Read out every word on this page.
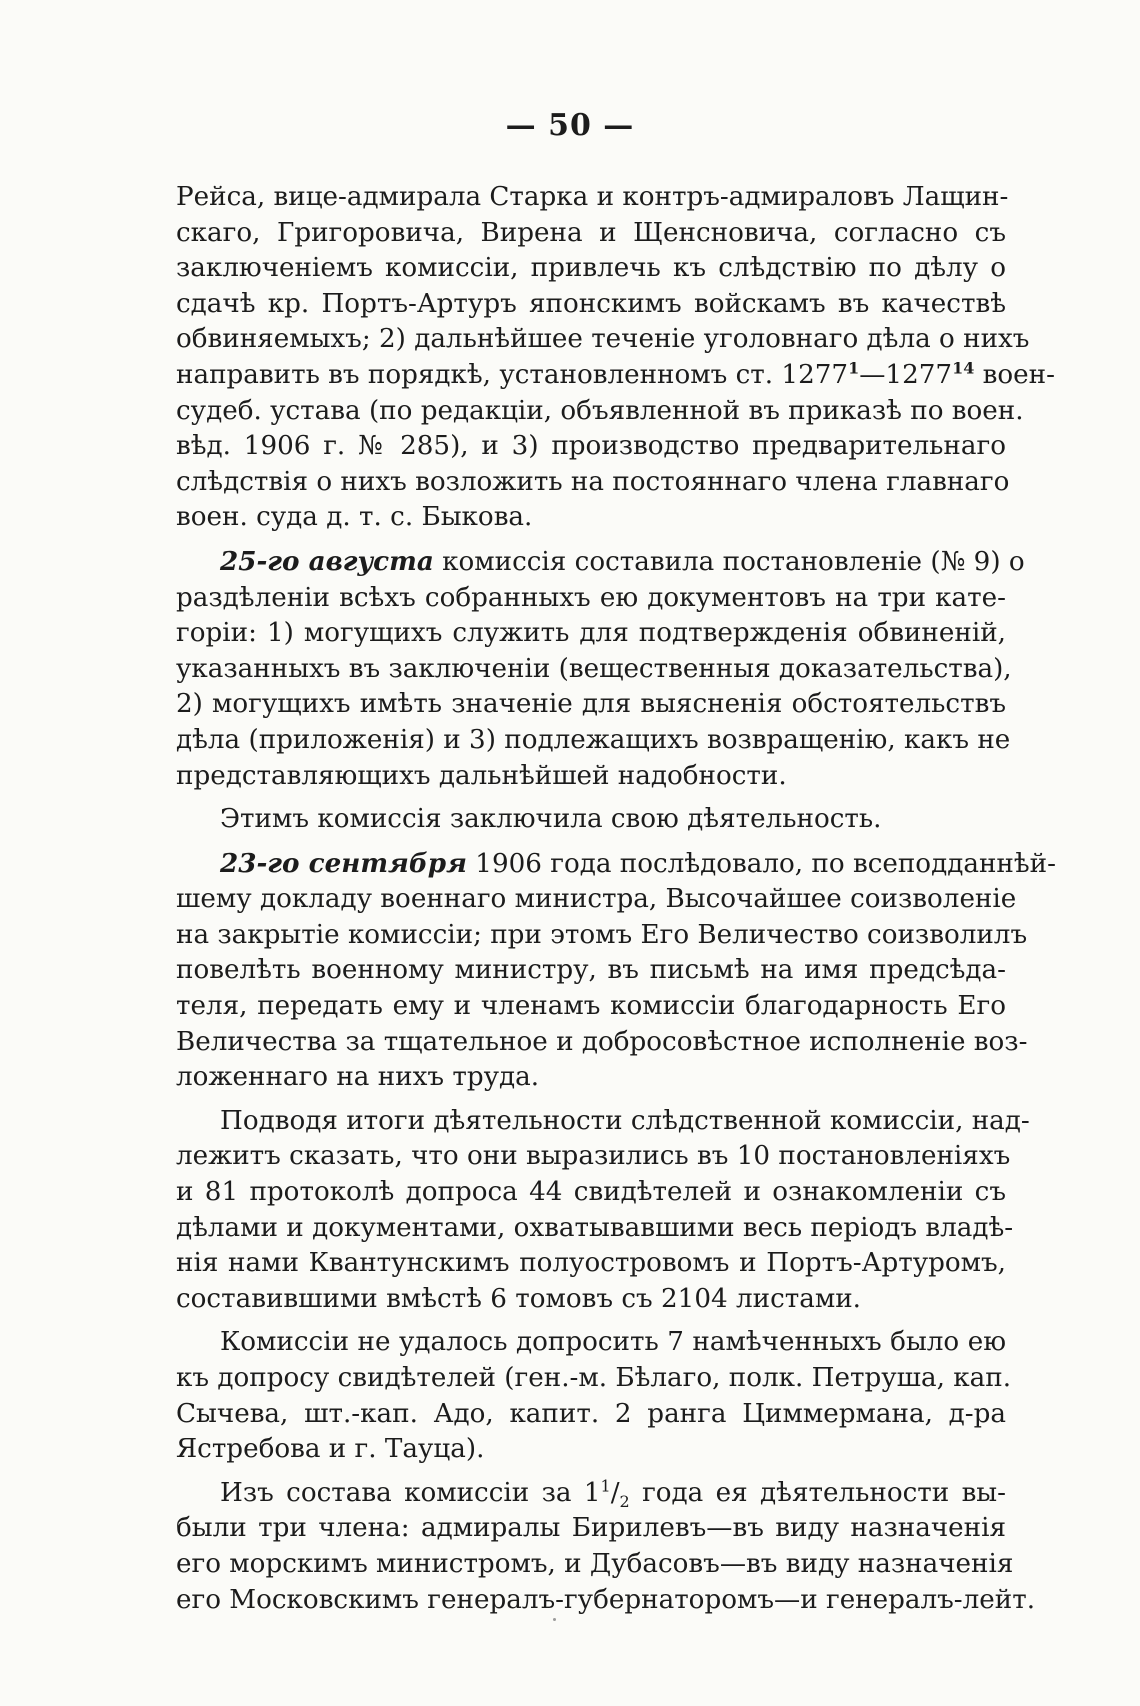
— 50 —
Рейса, вице-адмирала Старка и контръ-адмираловъ Лащин-
скаго, Григоровича, Вирена и Щенсновича, согласно съ
заключеніемъ комиссіи, привлечь къ слѣдствію по дѣлу о
сдачѣ кр. Портъ-Артуръ японскимъ войскамъ въ качествѣ
обвиняемыхъ; 2) дальнѣйшее теченіе уголовнаго дѣла о нихъ
направить въ порядкѣ, установленномъ ст. 1277$^1$—1277$^{14}$ воен-
судеб. устава (по редакціи, объявленной въ приказѣ по воен.
вѣд. 1906 г. № 285), и 3) производство предварительнаго
слѣдствія о нихъ возложить на постояннаго члена главнаго
воен. суда д. т. с. Быкова.
25-го августа комиссія составила постановленіе (№ 9) о
раздѣленіи всѣхъ собранныхъ ею документовъ на три кате-
горіи: 1) могущихъ служить для подтвержденія обвиненій,
указанныхъ въ заключеніи (вещественныя доказательства),
2) могущихъ имѣть значеніе для выясненія обстоятельствъ
дѣла (приложенія) и 3) подлежащихъ возвращенію, какъ не
представляющихъ дальнѣйшей надобности.
Этимъ комиссія заключила свою дѣятельность.
23-го сентября 1906 года послѣдовало, по всеподданнѣй-
шему докладу военнаго министра, Высочайшее соизволеніе
на закрытіе комиссіи; при этомъ Его Величество соизволилъ
повелѣть военному министру, въ письмѣ на имя предсѣда-
теля, передать ему и членамъ комиссіи благодарность Его
Величества за тщательное и добросовѣстное исполненіе воз-
ложеннаго на нихъ труда.
Подводя итоги дѣятельности слѣдственной комиссіи, над-
лежитъ сказать, что они выразились въ 10 постановленіяхъ
и 81 протоколѣ допроса 44 свидѣтелей и ознакомленіи съ
дѣлами и документами, охватывавшими весь періодъ владѣ-
нія нами Квантунскимъ полуостровомъ и Портъ-Артуромъ,
составившими вмѣстѣ 6 томовъ съ 2104 листами.
Комиссіи не удалось допросить 7 намѣченныхъ было ею
къ допросу свидѣтелей (ген.-м. Бѣлаго, полк. Петруша, кап.
Сычева, шт.-кап. Адо, капит. 2 ранга Циммермана, д-ра
Ястребова и г. Тауца).
Изъ состава комиссіи за $1^1/_2$ года ея дѣятельности вы-
были три члена: адмиралы Бирилевъ—въ виду назначенія
его морскимъ министромъ, и Дубасовъ—въ виду назначенія
его Московскимъ генералъ-губернаторомъ—и генералъ-лейт.
